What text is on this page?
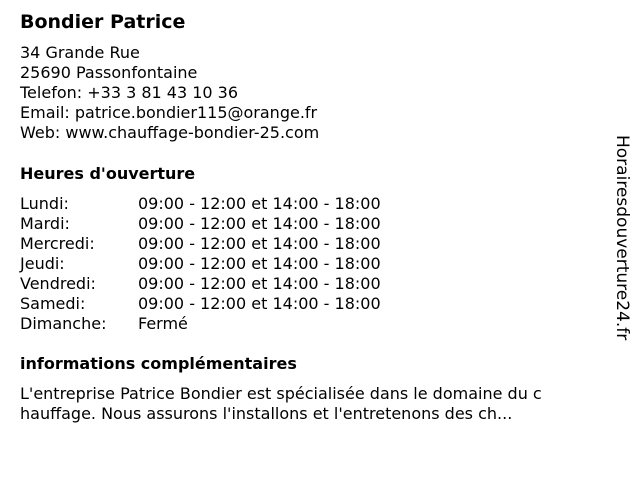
Bondier Patrice
34 Grande Rue
25690 Passonfontaine
Telefon: +33 3 81 43 10 36
Email: patrice.bondier115@orange.fr
Web: www.chauffage-bondier-25.com
Heures d'ouverture
Lundi:	09:00 - 12:00 et 14:00 - 18:00
Mardi:	09:00 - 12:00 et 14:00 - 18:00
Mercredi:	09:00 - 12:00 et 14:00 - 18:00
Jeudi:	09:00 - 12:00 et 14:00 - 18:00
Vendredi:	09:00 - 12:00 et 14:00 - 18:00
Samedi:	09:00 - 12:00 et 14:00 - 18:00
Dimanche:	Fermé
informations complémentaires
L'entreprise Patrice Bondier est spécialisée dans le domaine du c
hauffage. Nous assurons l'installons et l'entretenons des ch...
Horairesdouverture24.fr
